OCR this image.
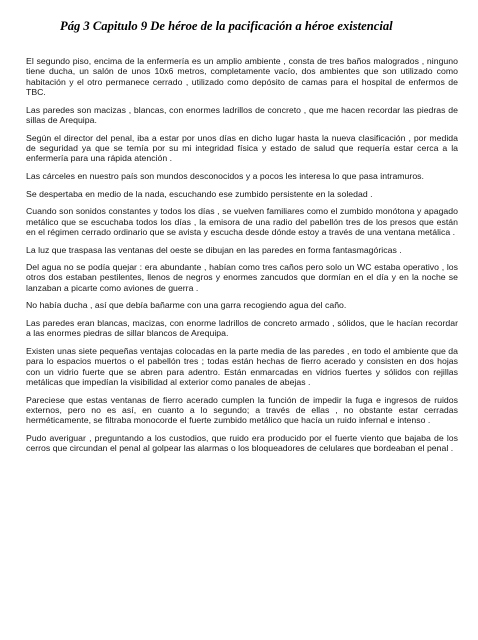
Pág 3 Capitulo 9 De héroe de la pacificación a héroe existencial

El segundo piso, encima de la enfermería es un amplio ambiente , consta de tres baños malogrados , ninguno tiene ducha, un salón de unos 10x6 metros, completamente vacío, dos ambientes que son utilizado como habitación y el otro permanece cerrado , utilizado como depósito de camas para el hospital de enfermos de TBC.

Las paredes son macizas , blancas, con enormes ladrillos de concreto , que me hacen recordar las piedras de sillas de Arequipa.

Según el director del penal, iba a estar por unos días en dicho lugar hasta la nueva clasificación , por medida de seguridad ya que se temía por su mi integridad física y estado de salud que requería estar cerca a la enfermería para una rápida atención .

Las cárceles en nuestro país son mundos desconocidos y a pocos les interesa lo que pasa intramuros.

Se despertaba en medio de la nada, escuchando ese zumbido persistente en la soledad .

Cuando son sonidos constantes y todos los días , se vuelven familiares como el zumbido monótona y apagado metálico que se escuchaba todos los días , la emisora de una radio del pabellón tres de los presos que están en el régimen cerrado ordinario que se avista y escucha desde dónde estoy a través de una ventana metálica .

La luz que traspasa las ventanas del oeste se dibujan en las paredes en forma fantasmagóricas .

Del agua no se podía quejar : era abundante , habían como tres caños pero solo un WC estaba operativo , los otros dos estaban pestilentes, llenos de negros y enormes zancudos que dormían en el día y en la noche se lanzaban a picarte como aviones de guerra .

No había ducha , así que debía bañarme con una garra recogiendo agua del caño.

Las paredes eran blancas, macizas, con enorme ladrillos de concreto armado , sólidos, que le hacían recordar a las enormes piedras de sillar blancos de Arequipa.

Existen unas siete pequeñas ventajas colocadas en la parte media de las paredes , en todo el ambiente que da para lo espacios muertos o el pabellón tres ; todas están hechas de fierro acerado y consisten en dos hojas con un vidrio fuerte que se abren para adentro. Están enmarcadas en vidrios fuertes y sólidos con rejillas metálicas que impedían la visibilidad al exterior como panales de abejas .

Pareciese que estas ventanas de fierro acerado cumplen la función de impedir la fuga e ingresos de ruidos externos, pero no es así, en cuanto a lo segundo; a través de ellas , no obstante estar cerradas herméticamente, se filtraba monocorde el fuerte zumbido metálico que hacía un ruido infernal e intenso .

Pudo averiguar , preguntando a los custodios, que ruido era producido por el fuerte viento que bajaba de los cerros que circundan el penal al golpear las alarmas o los bloqueadores de celulares que bordeaban el penal .
